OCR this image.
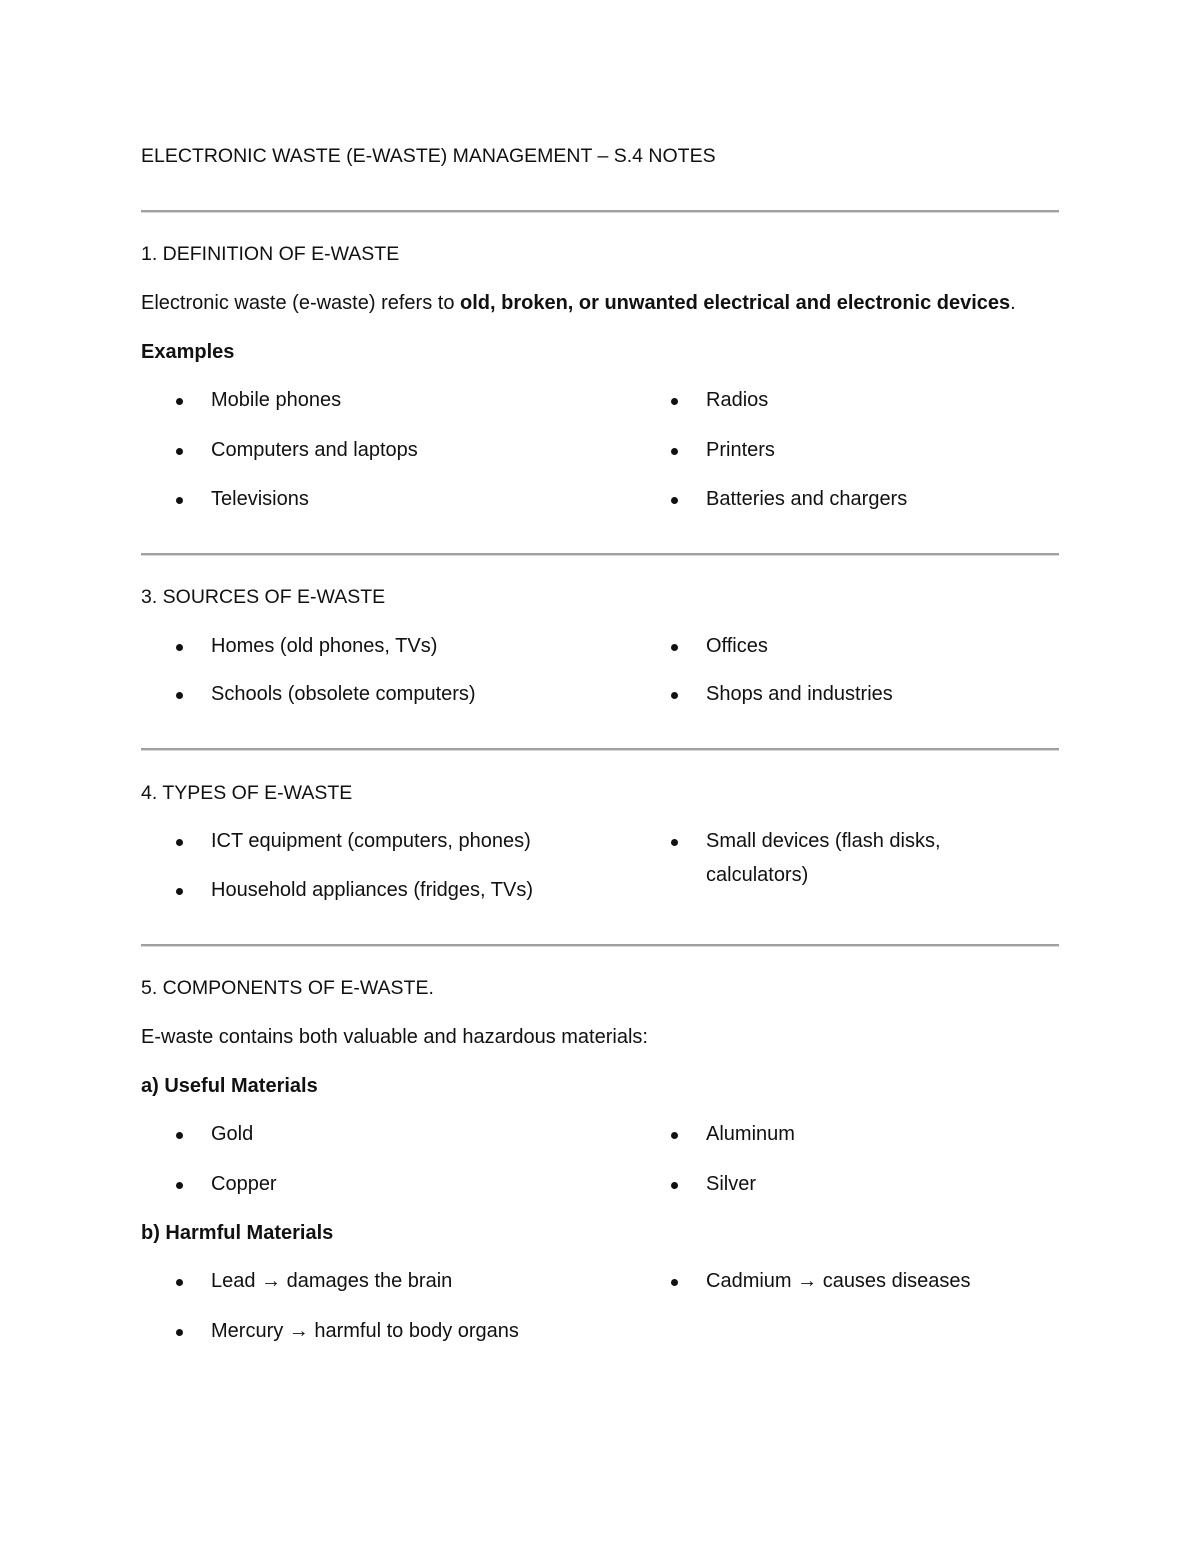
ELECTRONIC WASTE (E-WASTE) MANAGEMENT – S.4 NOTES
1. DEFINITION OF E-WASTE
Electronic waste (e-waste) refers to old, broken, or unwanted electrical and electronic devices.
Examples
Mobile phones
Computers and laptops
Televisions
Radios
Printers
Batteries and chargers
3. SOURCES OF E-WASTE
Homes (old phones, TVs)
Schools (obsolete computers)
Offices
Shops and industries
4. TYPES OF E-WASTE
ICT equipment (computers, phones)
Household appliances (fridges, TVs)
Small devices (flash disks,
calculators)
5. COMPONENTS OF E-WASTE.
E-waste contains both valuable and hazardous materials:
a) Useful Materials
Gold
Copper
Aluminum
Silver
b) Harmful Materials
Lead → damages the brain
Mercury → harmful to body organs
Cadmium → causes diseases
